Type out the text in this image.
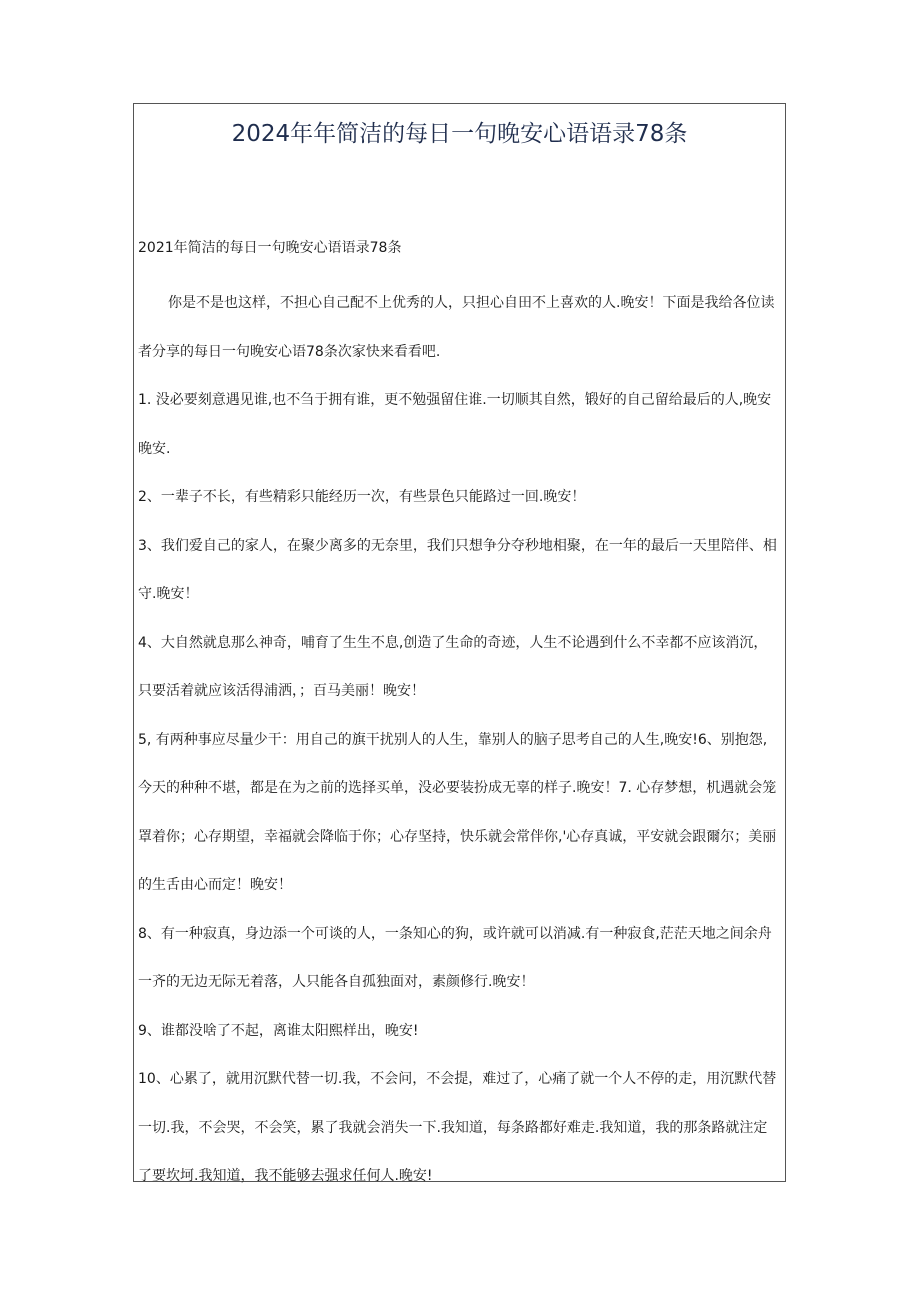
2024年年简洁的每日一句晚安心语语录78条

2021年简洁的每日一句晚安心语语录78条

你是不是也这样，不担心自己配不上优秀的人，只担心自田不上喜欢的人.晚安！下面是我给各位读者分享的每日一句晚安心语78条次家快来看看吧.

1. 没必要刻意遇见谁,也不刍于拥有谁，更不勉强留住谁.一切顺其自然，锻好的自己留给最后的人,晚安晚安.

2、一辈子不长，有些精彩只能经历一次，有些景色只能路过一回.晚安！

3、我们爱自己的家人，在聚少离多的无奈里，我们只想争分夺秒地相聚，在一年的最后一天里陪伴、相守.晚安！

4、大自然就息那么神奇，哺育了生生不息,创造了生命的奇迹，人生不论遇到什么不幸都不应该消沉，只要活着就应该活得浦洒，；百马美丽！晚安！

5, 有两种事应尽量少干：用自己的旗干扰别人的人生，靠别人的脑子思考自己的人生,晚安!6、别抱怨,今天的种种不堪，都是在为之前的选择买单，没必要装扮成无辜的样子.晚安！7. 心存梦想，机遇就会笼罩着你；心存期望，幸福就会降临于你；心存坚持，快乐就会常伴你,'心存真诚，平安就会跟爾尔；美丽的生舌由心而定！晚安！

8、有一种寂真，身边添一个可谈的人，一条知心的狗，或许就可以消减.有一种寂食,茫茫天地之间余舟一齐的无边无际无着落，人只能各自孤独面对，素颜修行.晚安！

9、谁都没啥了不起，离谁太阳熙样出，晚安!

10、心累了，就用沉默代替一切.我，不会问，不会提，难过了，心痛了就一个人不停的走，用沉默代替一切.我，不会哭，不会笑，累了我就会消失一下.我知道，每条路都好难走.我知道，我的那条路就注定了要坎坷.我知道，我不能够去强求任何人.晚安!
